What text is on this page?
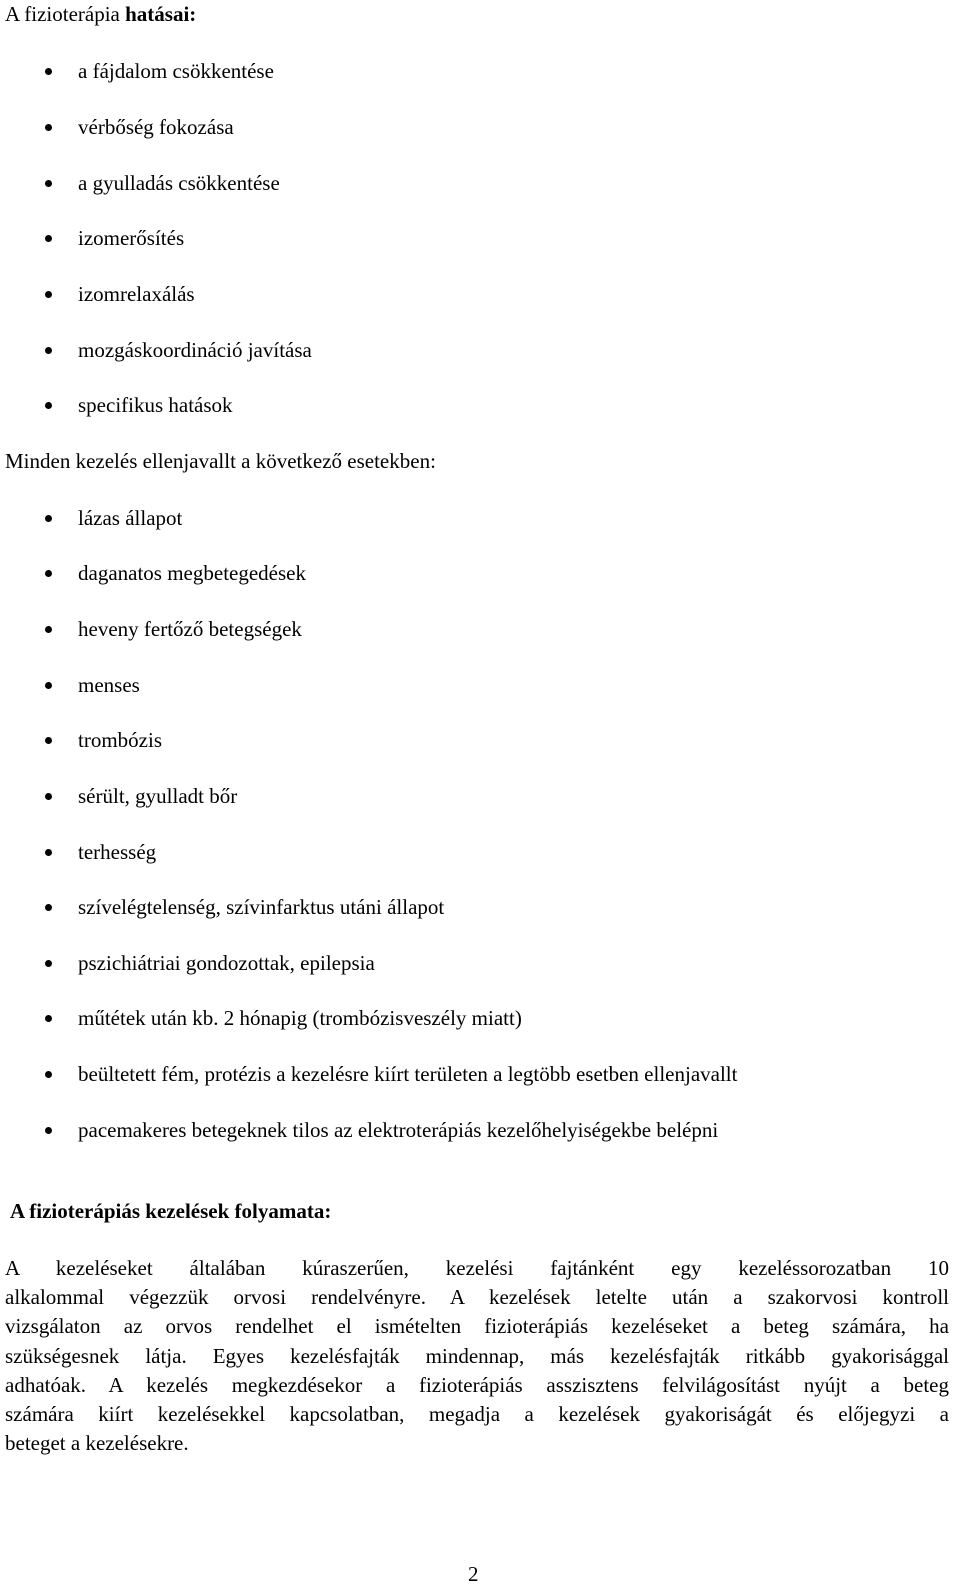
A fizioterápia hatásai:
a fájdalom csökkentése
vérbőség fokozása
a gyulladás csökkentése
izomerősítés
izomrelaxálás
mozgáskoordináció javítása
specifikus hatások
Minden kezelés ellenjavallt a következő esetekben:
lázas állapot
daganatos megbetegedések
heveny fertőző betegségek
menses
trombózis
sérült, gyulladt bőr
terhesség
szívelégtelenség, szívinfarktus utáni állapot
pszichiátriai gondozottak, epilepsia
műtétek után kb. 2 hónapig (trombózisveszély miatt)
beültetett fém, protézis a kezelésre kiírt területen a legtöbb esetben ellenjavallt
pacemakeres betegeknek tilos az elektroterápiás kezelőhelyiségekbe belépni
A fizioterápiás kezelések folyamata:
A kezeléseket általában kúraszerűen, kezelési fajtánként egy kezeléssorozatban 10
alkalommal végezzük orvosi rendelvényre. A kezelések letelte után a szakorvosi kontroll
vizsgálaton az orvos rendelhet el ismételten fizioterápiás kezeléseket a beteg számára, ha
szükségesnek látja. Egyes kezelésfajták mindennap, más kezelésfajták ritkább gyakorisággal
adhatóak. A kezelés megkezdésekor a fizioterápiás asszisztens felvilágosítást nyújt a beteg
számára kiírt kezelésekkel kapcsolatban, megadja a kezelések gyakoriságát és előjegyzi a
beteget a kezelésekre.
2
